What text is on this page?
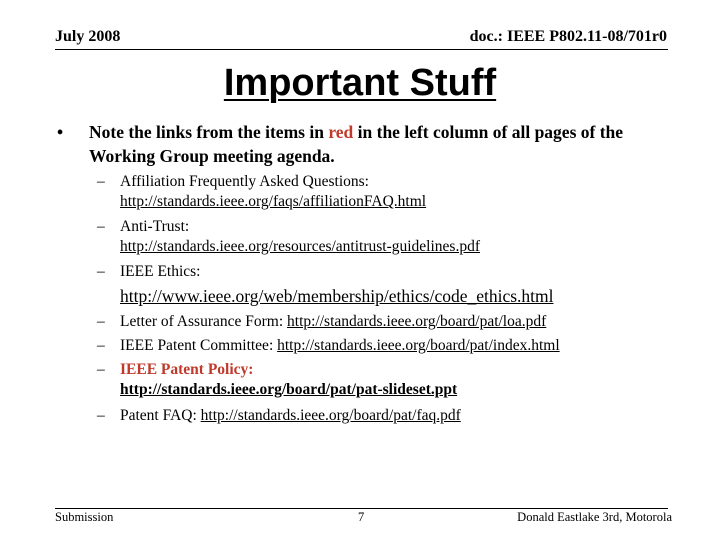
July 2008	doc.: IEEE P802.11-08/701r0
Important Stuff
• Note the links from the items in red in the left column of all pages of the Working Group meeting agenda.
– Affiliation Frequently Asked Questions:
http://standards.ieee.org/faqs/affiliationFAQ.html
– Anti-Trust:
http://standards.ieee.org/resources/antitrust-guidelines.pdf
– IEEE Ethics:
http://www.ieee.org/web/membership/ethics/code_ethics.html
– Letter of Assurance Form: http://standards.ieee.org/board/pat/loa.pdf
– IEEE Patent Committee: http://standards.ieee.org/board/pat/index.html
– IEEE Patent Policy:
http://standards.ieee.org/board/pat/pat-slideset.ppt
– Patent FAQ: http://standards.ieee.org/board/pat/faq.pdf
Submission	7	Donald Eastlake 3rd, Motorola
